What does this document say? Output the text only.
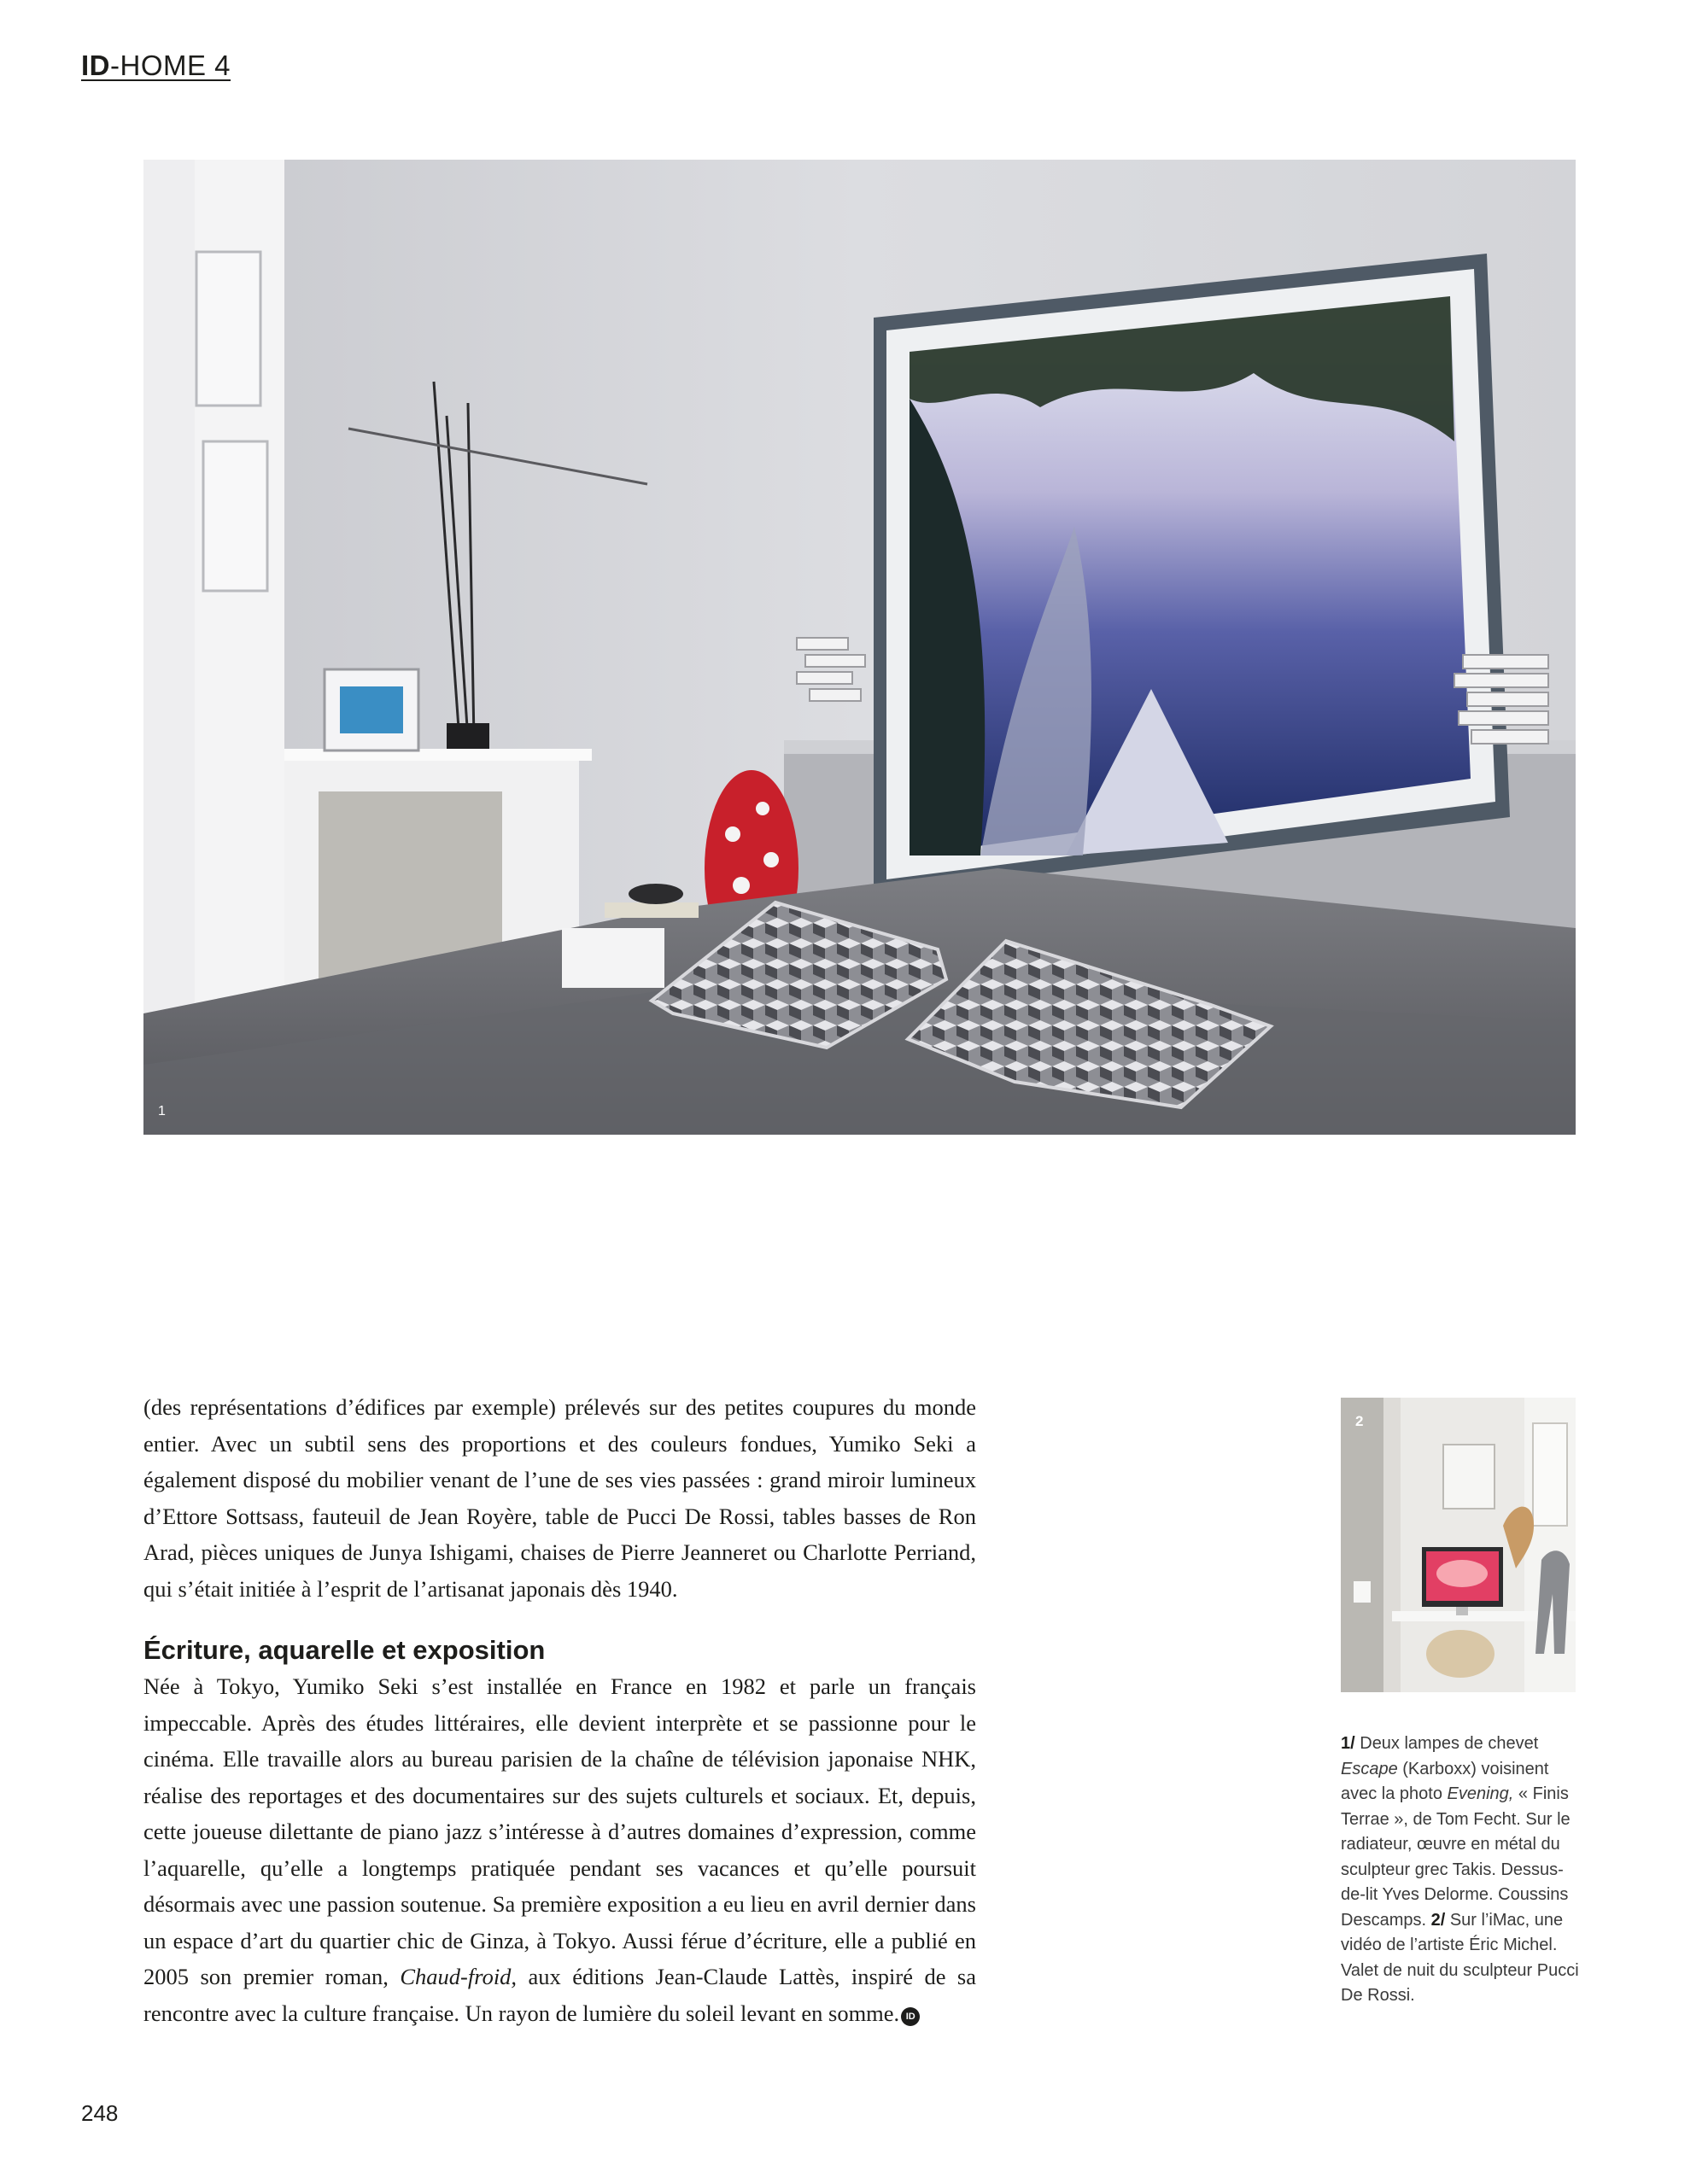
ID-HOME 4
1
2

(des représentations d’édifices par exemple) prélevés sur des petites coupures du monde entier. Avec un subtil sens des proportions et des couleurs fondues, Yumiko Seki a également disposé du mobilier venant de l’une de ses vies passées : grand miroir lumineux d’Ettore Sottsass, fauteuil de Jean Royère, table de Pucci De Rossi, tables basses de Ron Arad, pièces uniques de Junya Ishigami, chaises de Pierre Jeanneret ou Charlotte Perriand, qui s’était initiée à l’esprit de l’artisanat japonais dès 1940.

Écriture, aquarelle et exposition

Née à Tokyo, Yumiko Seki s’est installée en France en 1982 et parle un français impeccable. Après des études littéraires, elle devient interprète et se passionne pour le cinéma. Elle travaille alors au bureau parisien de la chaîne de télévision japonaise NHK, réalise des reportages et des documentaires sur des sujets culturels et sociaux. Et, depuis, cette joueuse dilettante de piano jazz s’intéresse à d’autres domaines d’expression, comme l’aquarelle, qu’elle a longtemps pratiquée pendant ses vacances et qu’elle poursuit désormais avec une passion soutenue. Sa première exposition a eu lieu en avril dernier dans un espace d’art du quartier chic de Ginza, à Tokyo. Aussi férue d’écriture, elle a publié en 2005 son premier roman, Chaud-froid, aux éditions Jean-Claude Lattès, inspiré de sa rencontre avec la culture française. Un rayon de lumière du soleil levant en somme. ID

1/ Deux lampes de chevet Escape (Karboxx) voisinent avec la photo Evening, « Finis Terrae », de Tom Fecht. Sur le radiateur, œuvre en métal du sculpteur grec Takis. Dessus-de-lit Yves Delorme. Coussins Descamps. 2/ Sur l’iMac, une vidéo de l’artiste Éric Michel. Valet de nuit du sculpteur Pucci De Rossi.
248
